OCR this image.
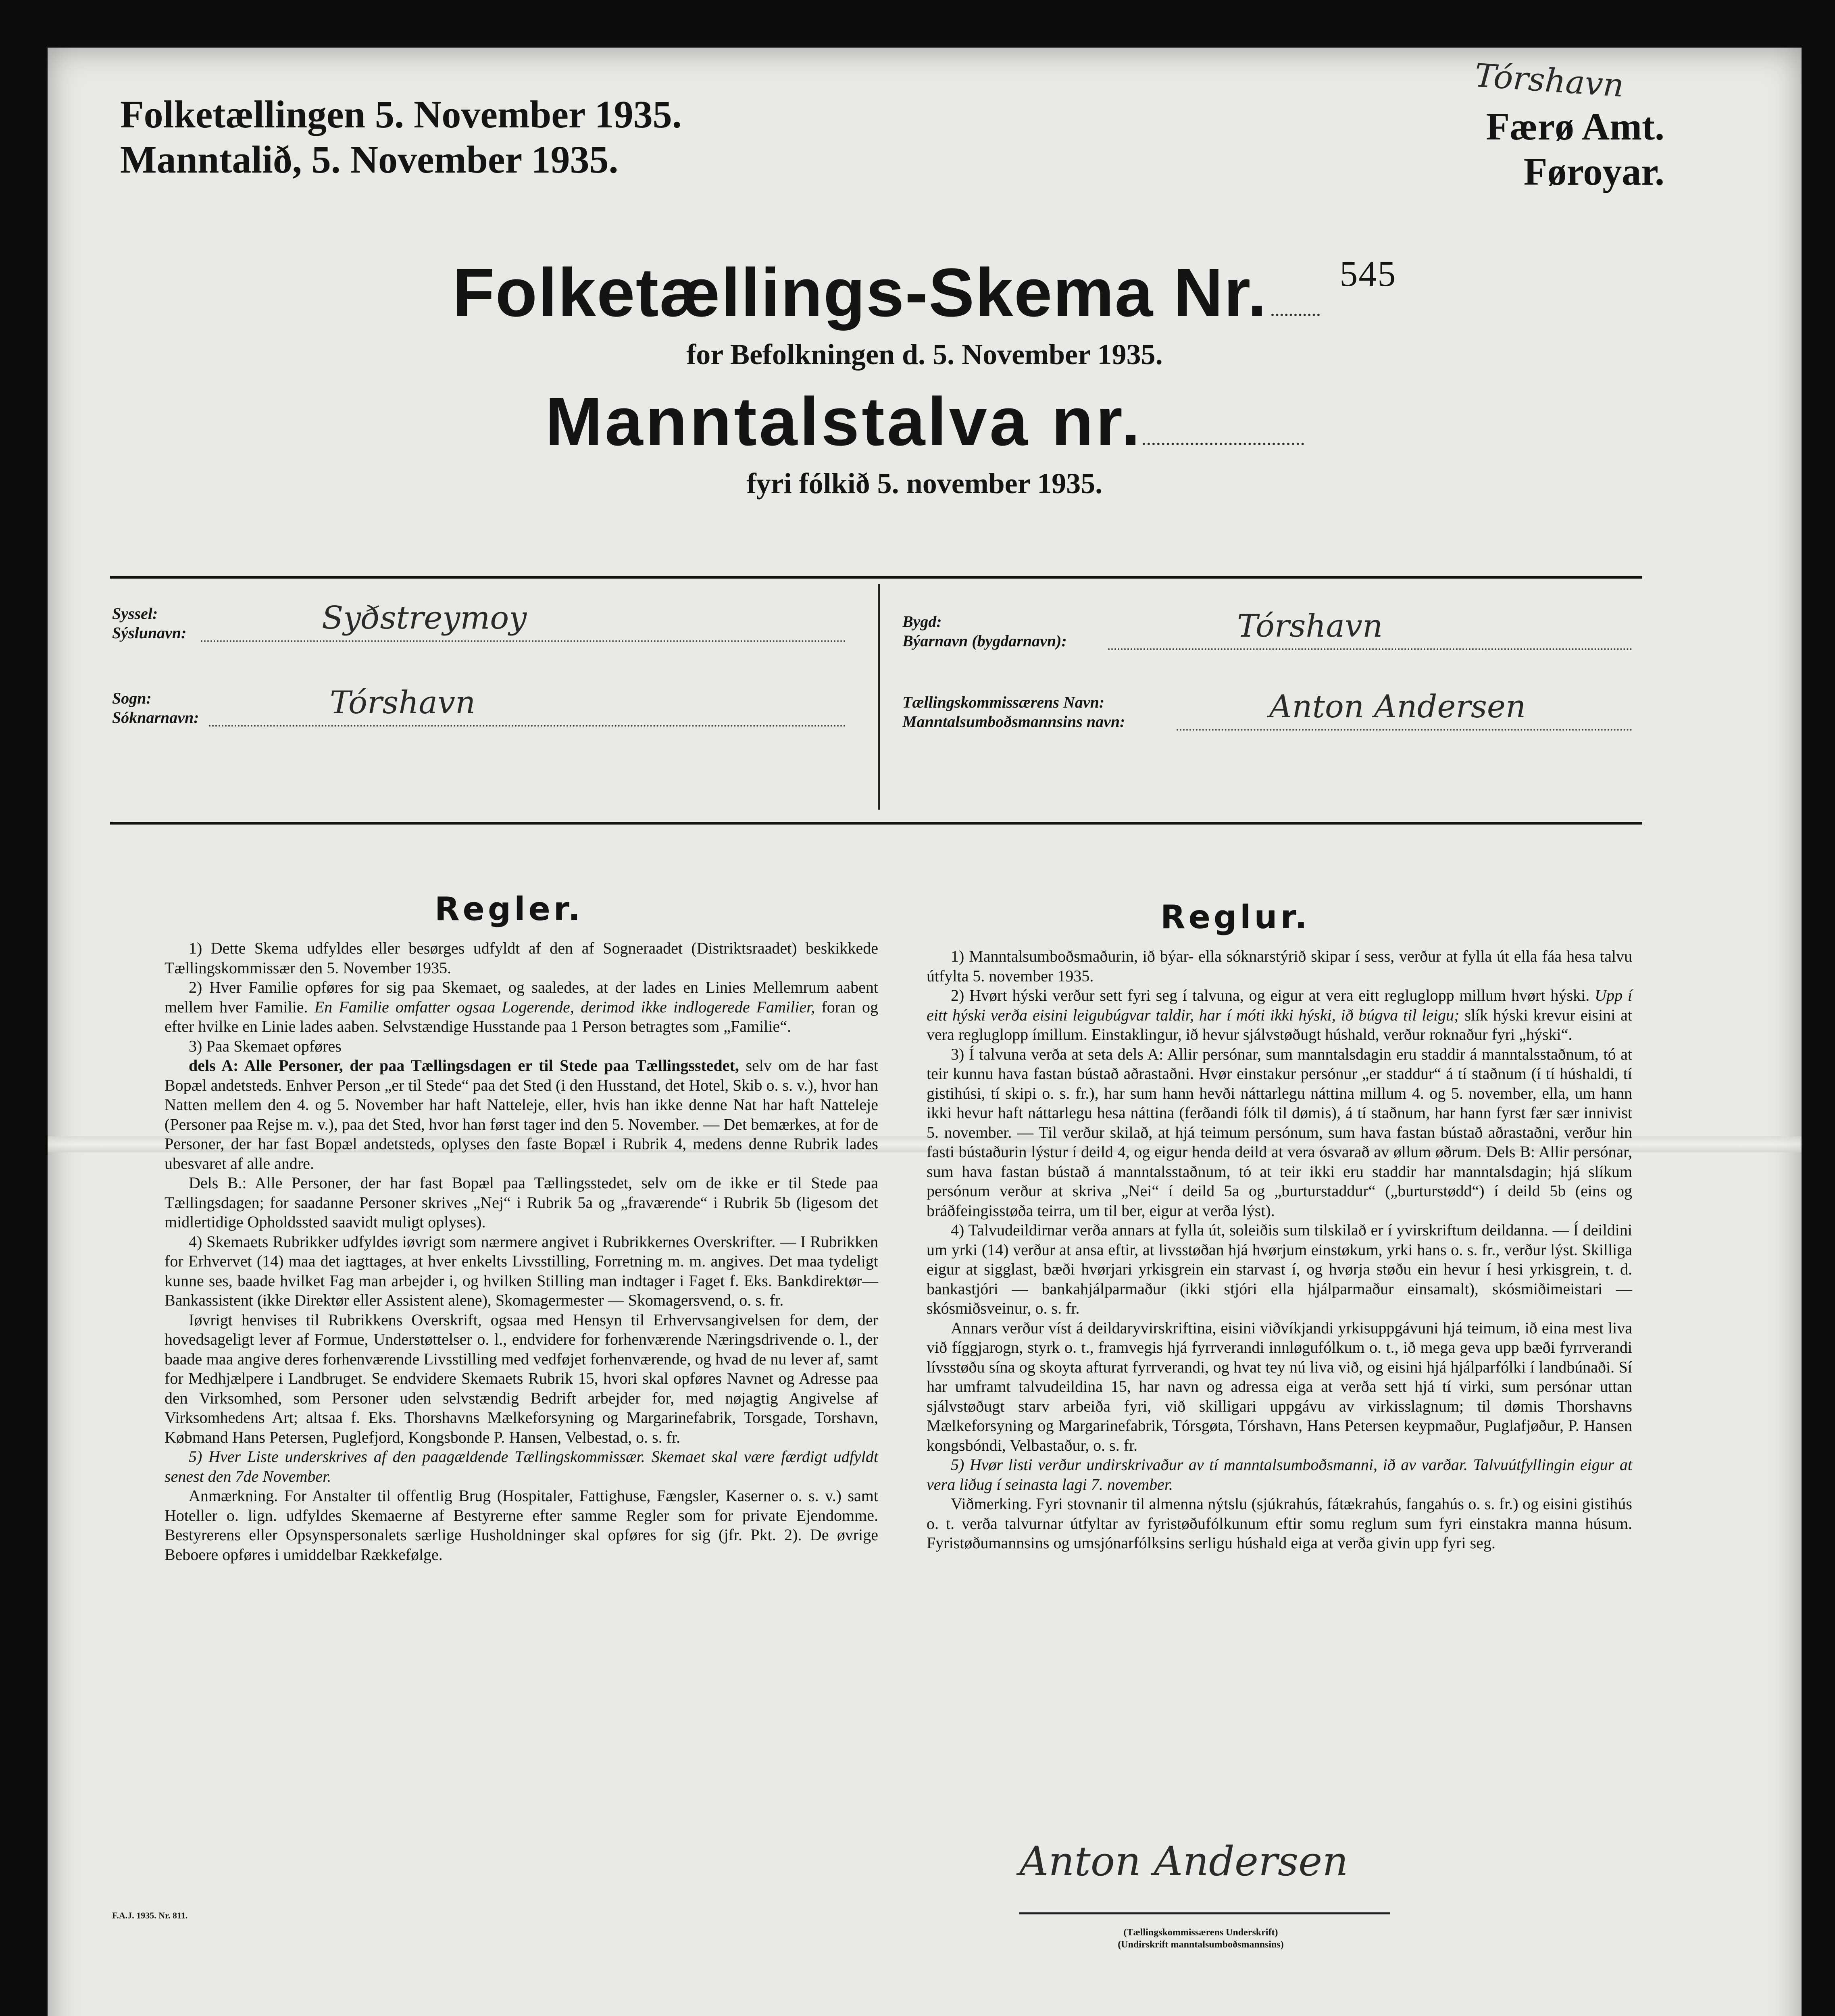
Folketællingen 5. November 1935.
Manntalið, 5. November 1935.
Tórshavn
Færø Amt.
Føroyar.
Folketællings-Skema Nr. $^{545}$
for Befolkningen d. 5. November 1935.
Manntalstalva nr.
fyri fólkið 5. november 1935.
Syssel:
Sýslunavn:	Syðstreymoy
Sogn:
Sóknarnavn:	Tórshavn
Bygd:
Býarnavn (bygdarnavn):	Tórshavn
Tællingskommissærens Navn:
Manntalsumboðsmannsins navn:	Anton Andersen
Regler.

1) Dette Skema udfyldes eller besørges udfyldt af den af Sogneraadet (Distriktsraadet) beskikkede Tællingskommissær den 5. November 1935.

2) Hver Familie opføres for sig paa Skemaet, og saaledes, at der lades en Linies Mellemrum aabent mellem hver Familie. En Familie omfatter ogsaa Logerende, derimod ikke indlogerede Familier, foran og efter hvilke en Linie lades aaben. Selvstændige Husstande paa 1 Person betragtes som „Familie“.

3) Paa Skemaet opføres

dels A: Alle Personer, der paa Tællingsdagen er til Stede paa Tællingsstedet, selv om de har fast Bopæl andetsteds. Enhver Person „er til Stede“ paa det Sted (i den Husstand, det Hotel, Skib o. s. v.), hvor han Natten mellem den 4. og 5. November har haft Natteleje, eller, hvis han ikke denne Nat har haft Natteleje (Personer paa Rejse m. v.), paa det Sted, hvor han først tager ind den 5. November. — Det bemærkes, at for de Personer, der har fast Bopæl andetsteds, oplyses den faste Bopæl i Rubrik 4, medens denne Rubrik lades ubesvaret af alle andre.

Dels B.: Alle Personer, der har fast Bopæl paa Tællingsstedet, selv om de ikke er til Stede paa Tællingsdagen; for saadanne Personer skrives „Nej“ i Rubrik 5a og „fraværende“ i Rubrik 5b (ligesom det midlertidige Opholdssted saavidt muligt oplyses).

4) Skemaets Rubrikker udfyldes iøvrigt som nærmere angivet i Rubrikkernes Overskrifter. — I Rubrikken for Erhvervet (14) maa det iagttages, at hver enkelts Livsstilling, Forretning m. m. angives. Det maa tydeligt kunne ses, baade hvilket Fag man arbejder i, og hvilken Stilling man indtager i Faget f. Eks. Bankdirektør—Bankassistent (ikke Direktør eller Assistent alene), Skomagermester — Skomagersvend, o. s. fr.

Iøvrigt henvises til Rubrikkens Overskrift, ogsaa med Hensyn til Erhvervsangivelsen for dem, der hovedsageligt lever af Formue, Understøttelser o. l., endvidere for forhenværende Næringsdrivende o. l., der baade maa angive deres forhenværende Livsstilling med vedføjet forhenværende, og hvad de nu lever af, samt for Medhjælpere i Landbruget. Se endvidere Skemaets Rubrik 15, hvori skal opføres Navnet og Adresse paa den Virksomhed, som Personer uden selvstændig Bedrift arbejder for, med nøjagtig Angivelse af Virksomhedens Art; altsaa f. Eks. Thorshavns Mælkeforsyning og Margarinefabrik, Torsgade, Torshavn, Købmand Hans Petersen, Puglefjord, Kongsbonde P. Hansen, Velbestad, o. s. fr.

5) Hver Liste underskrives af den paagældende Tællingskommissær. Skemaet skal være færdigt udfyldt senest den 7de November.

Anmærkning. For Anstalter til offentlig Brug (Hospitaler, Fattighuse, Fængsler, Kaserner o. s. v.) samt Hoteller o. lign. udfyldes Skemaerne af Bestyrerne efter samme Regler som for private Ejendomme. Bestyrerens eller Opsynspersonalets særlige Husholdninger skal opføres for sig (jfr. Pkt. 2). De øvrige Beboere opføres i umiddelbar Rækkefølge.

Reglur.

1) Manntalsumboðsmaðurin, ið býar- ella sóknarstýrið skipar í sess, verður at fylla út ella fáa hesa talvu útfylta 5. november 1935.

2) Hvørt hýski verður sett fyri seg í talvuna, og eigur at vera eitt regluglopp millum hvørt hýski. Upp í eitt hýski verða eisini leigubúgvar taldir, har í móti ikki hýski, ið búgva til leigu; slík hýski krevur eisini at vera regluglopp ímillum. Einstaklingur, ið hevur sjálvstøðugt húshald, verður roknaður fyri „hýski“.

3) Í talvuna verða at seta dels A: Allir persónar, sum manntalsdagin eru staddir á manntalsstaðnum, tó at teir kunnu hava fastan bústað aðrastaðni. Hvør einstakur persónur „er staddur“ á tí staðnum (í tí húshaldi, tí gistihúsi, tí skipi o. s. fr.), har sum hann hevði náttarlegu náttina millum 4. og 5. november, ella, um hann ikki hevur haft náttarlegu hesa náttina (ferðandi fólk til dømis), á tí staðnum, har hann fyrst fær sær innivist 5. november. — Til verður skilað, at hjá teimum persónum, sum hava fastan bústað aðrastaðni, verður hin fasti bústaðurin lýstur í deild 4, og eigur henda deild at vera ósvarað av øllum øðrum. Dels B: Allir persónar, sum hava fastan bústað á manntalsstaðnum, tó at teir ikki eru staddir har manntalsdagin; hjá slíkum persónum verður at skriva „Nei“ í deild 5a og „burturstaddur“ („burturstødd“) í deild 5b (eins og bráðfeingisstøða teirra, um til ber, eigur at verða lýst).

4) Talvudeildirnar verða annars at fylla út, soleiðis sum tilskilað er í yvirskriftum deildanna. — Í deildini um yrki (14) verður at ansa eftir, at livsstøðan hjá hvørjum einstøkum, yrki hans o. s. fr., verður lýst. Skilliga eigur at sigglast, bæði hvørjari yrkisgrein ein starvast í, og hvørja støðu ein hevur í hesi yrkisgrein, t. d. bankastjóri — bankahjálparmaður (ikki stjóri ella hjálparmaður einsamalt), skósmiðimeistari — skósmiðsveinur, o. s. fr.

Annars verður víst á deildaryvirskriftina, eisini viðvíkjandi yrkisuppgávuni hjá teimum, ið eina mest liva við fíggjarogn, styrk o. t., framvegis hjá fyrrverandi innløgufólkum o. t., ið mega geva upp bæði fyrrverandi lívsstøðu sína og skoyta afturat fyrrverandi, og hvat tey nú liva við, og eisini hjá hjálparfólki í landbúnaði. Sí har umframt talvudeildina 15, har navn og adressa eiga at verða sett hjá tí virki, sum persónar uttan sjálvstøðugt starv arbeiða fyri, við skilligari uppgávu av virkisslagnum; til dømis Thorshavns Mælkeforsyning og Margarinefabrik, Tórsgøta, Tórshavn, Hans Petersen keypmaður, Puglafjøður, P. Hansen kongsbóndi, Velbastaður, o. s. fr.

5) Hvør listi verður undirskrivaður av tí manntalsumboðsmanni, ið av varðar. Talvuútfyllingin eigur at vera liðug í seinasta lagi 7. november.

Viðmerking. Fyri stovnanir til almenna nýtslu (sjúkrahús, fátækrahús, fangahús o. s. fr.) og eisini gistihús o. t. verða talvurnar útfyltar av fyristøðufólkunum eftir somu reglum sum fyri einstakra manna húsum. Fyristøðumannsins og umsjónarfólksins serligu húshald eiga at verða givin upp fyri seg.

F.A.J. 1935. Nr. 811.
Anton Andersen
(Tællingskommissærens Underskrift)
(Undirskrift manntalsumboðsmannsins)
